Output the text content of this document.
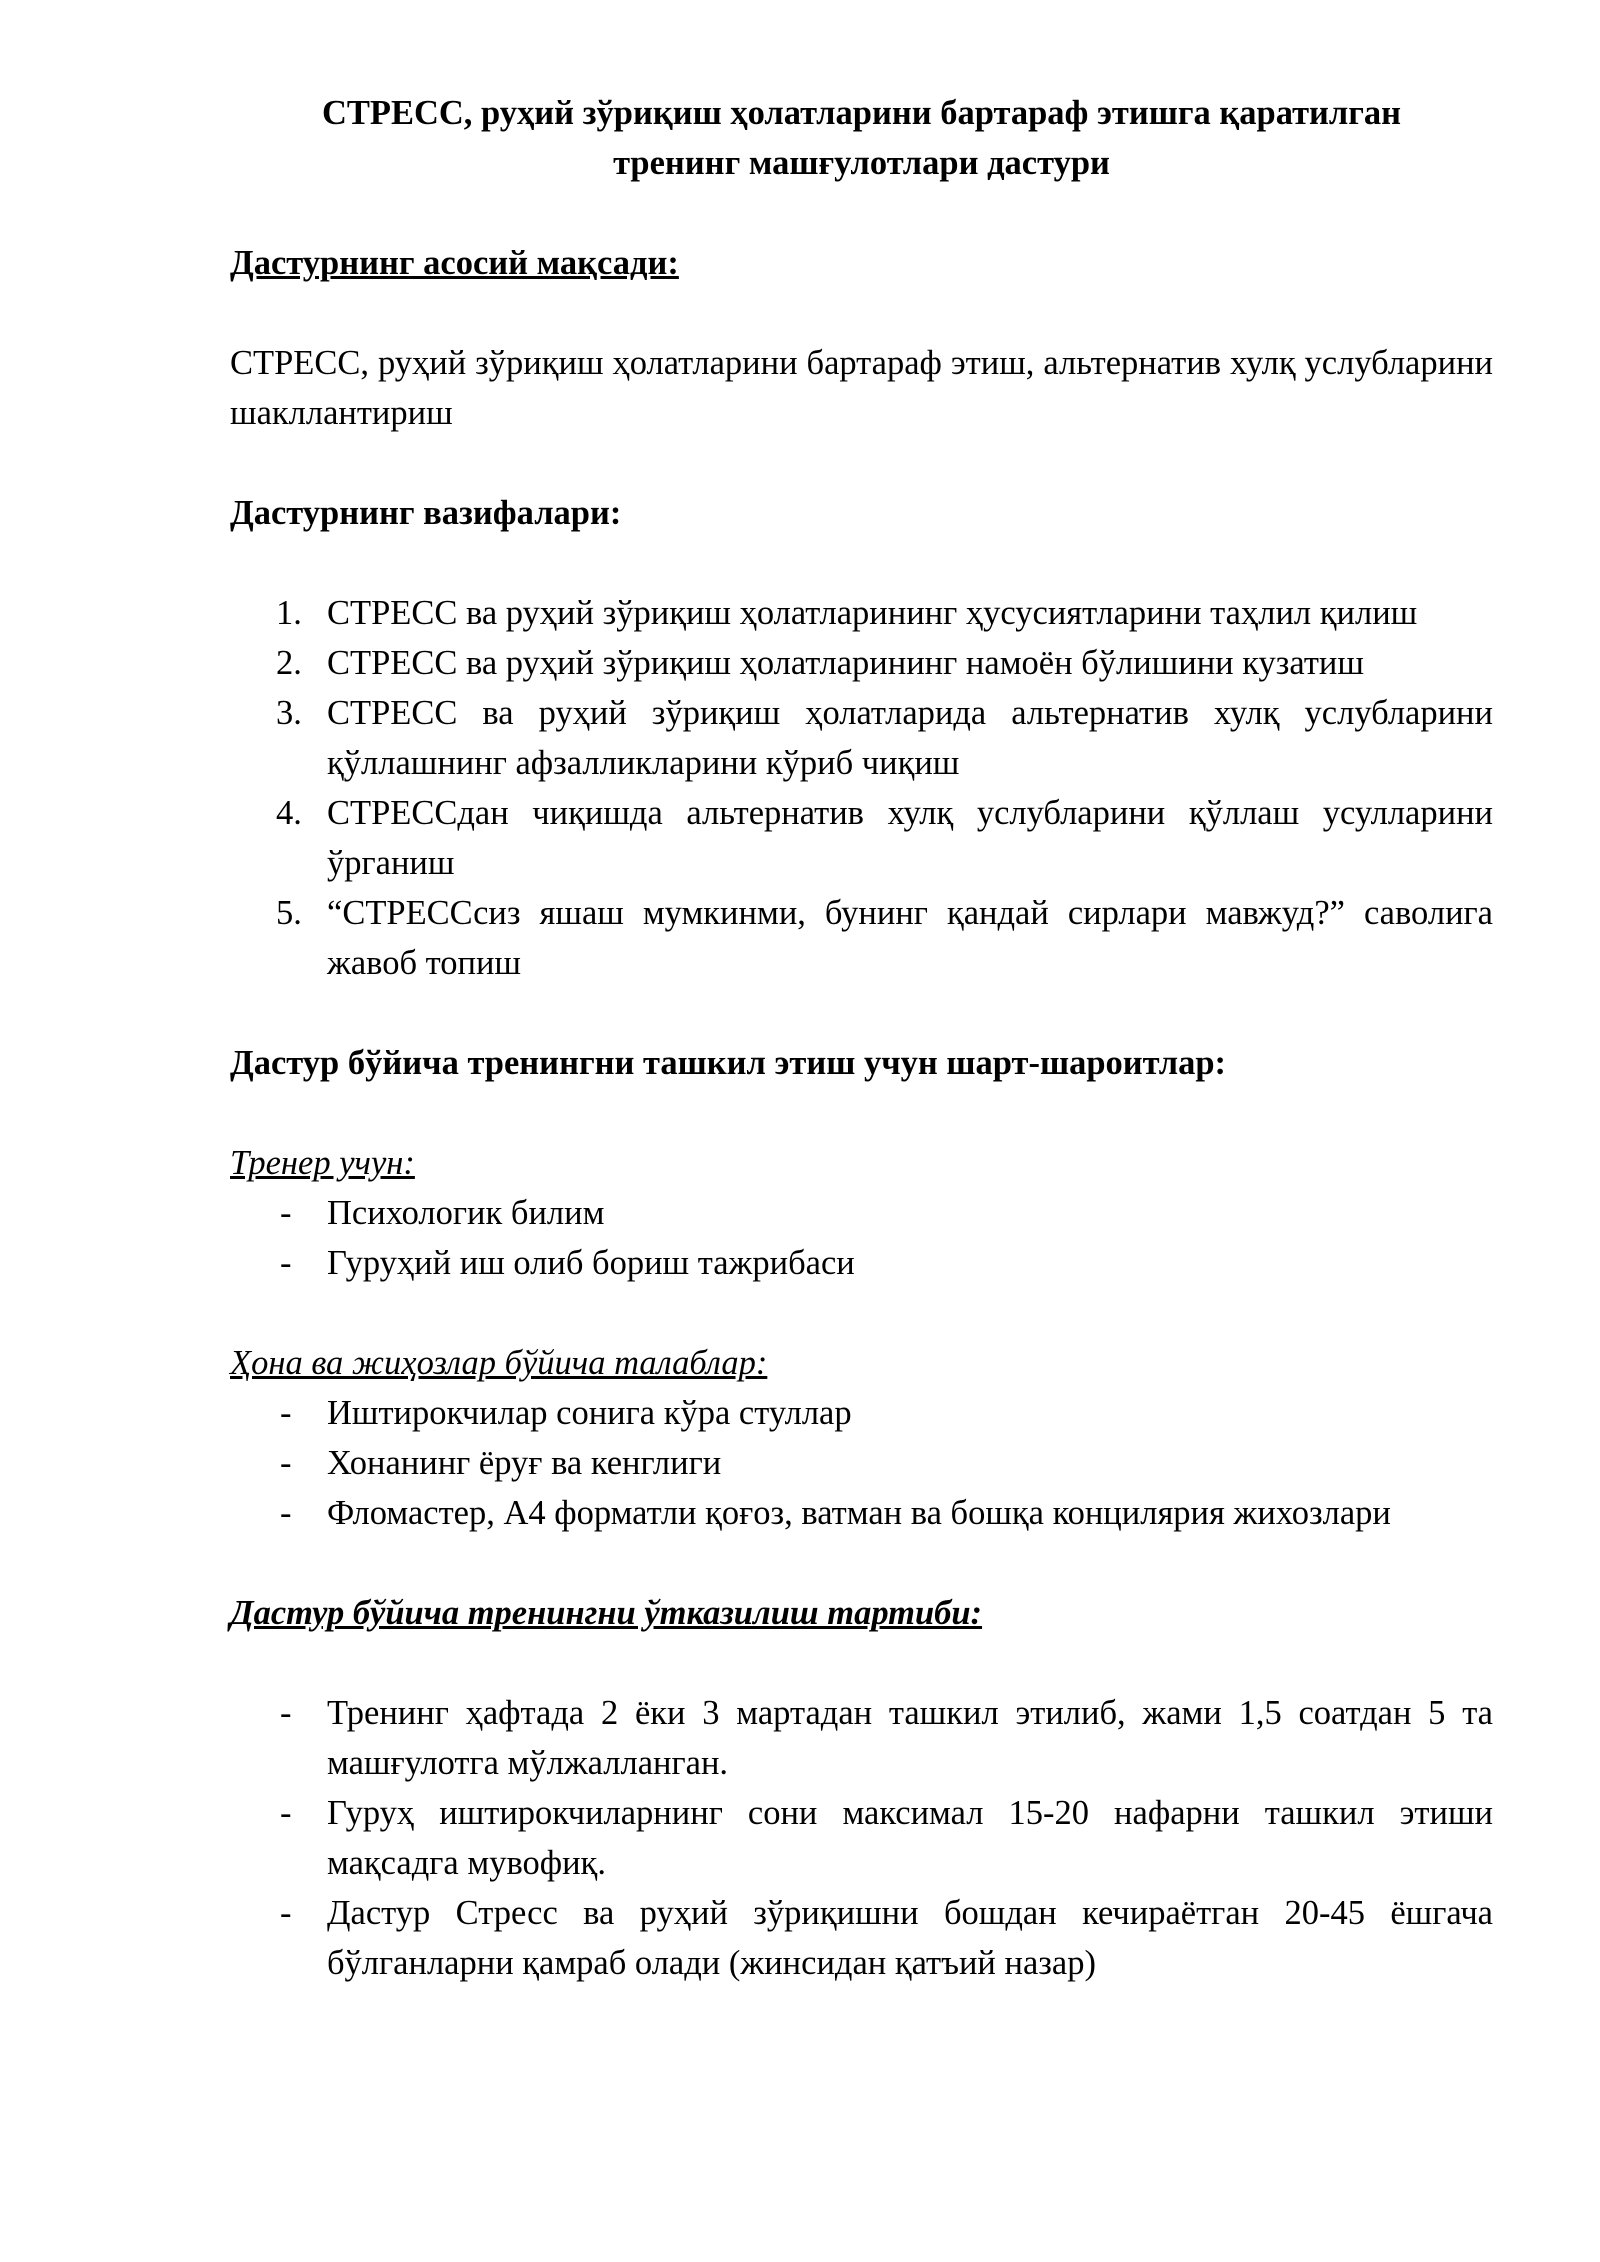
СТРЕСС, руҳий зўриқиш ҳолатларини бартараф этишга қаратилган
тренинг машғулотлари дастури

Дастурнинг асосий мақсади:

СТРЕСС, руҳий зўриқиш ҳолатларини бартараф этиш, альтернатив хулқ услубларини шакллантириш

Дастурнинг вазифалари:

1. СТРЕСС ва руҳий зўриқиш ҳолатларининг ҳусусиятларини таҳлил қилиш
2. СТРЕСС ва руҳий зўриқиш ҳолатларининг намоён бўлишини кузатиш
3. СТРЕСС ва руҳий зўриқиш ҳолатларида альтернатив хулқ услубларини қўллашнинг афзалликларини кўриб чиқиш
4. СТРЕССдан чиқишда альтернатив хулқ услубларини қўллаш усулларини ўрганиш
5. “СТРЕССсиз яшаш мумкинми, бунинг қандай сирлари мавжуд?” саволига жавоб топиш

Дастур бўйича тренингни ташкил этиш учун шарт-шароитлар:

Тренер учун:

- Психологик билим
- Гуруҳий иш олиб бориш тажрибаси

Ҳона ва жиҳозлар бўйича талаблар:

- Иштирокчилар сонига кўра стуллар
- Хонанинг ёруғ ва кенглиги
- Фломастер, А4 форматли қоғоз, ватман ва бошқа концилярия жихозлари

Дастур бўйича тренингни ўтказилиш тартиби:

- Тренинг ҳафтада 2 ёки 3 мартадан ташкил этилиб, жами 1,5 соатдан 5 та машғулотга мўлжалланган.
- Гуруҳ иштирокчиларнинг сони максимал 15-20 нафарни ташкил этиши мақсадга мувофиқ.
- Дастур Стресс ва руҳий зўриқишни бошдан кечираётган 20-45 ёшгача бўлганларни қамраб олади (жинсидан қатъий назар)
